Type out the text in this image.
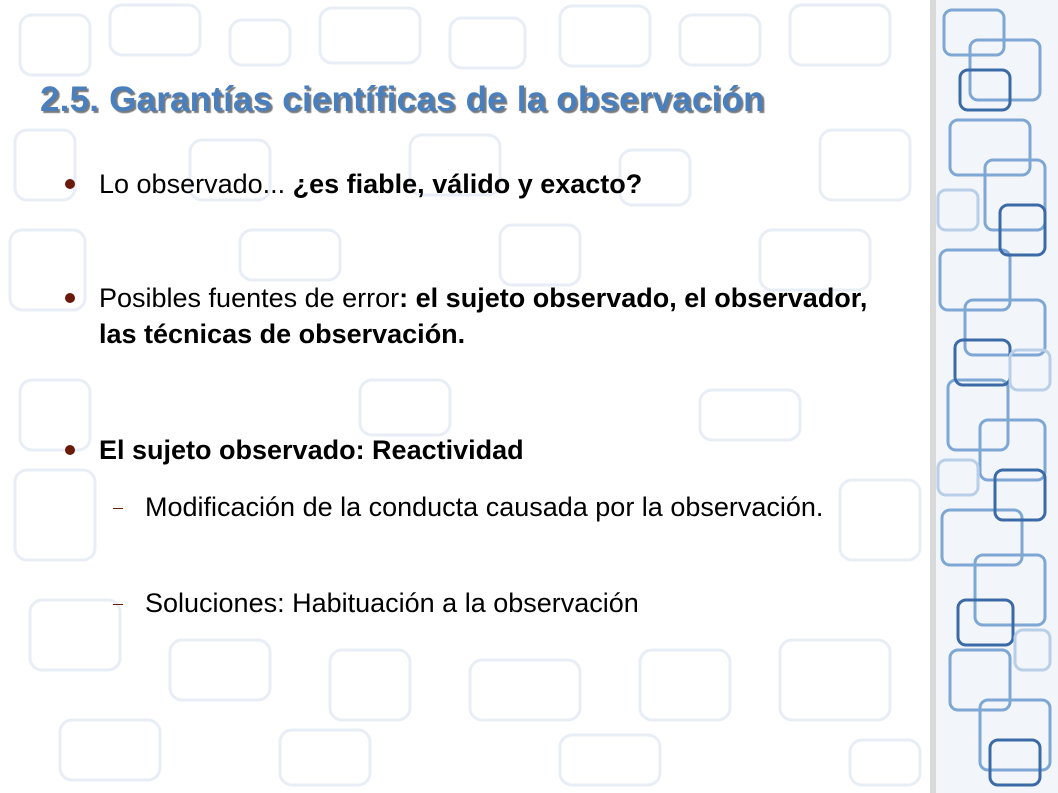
2.5. Garantías científicas de la observación
Lo observado... ¿es fiable, válido y exacto?
Posibles fuentes de error: el sujeto observado, el observador, las técnicas de observación.
El sujeto observado: Reactividad
Modificación de la conducta causada por la observación.
Soluciones: Habituación a la observación
